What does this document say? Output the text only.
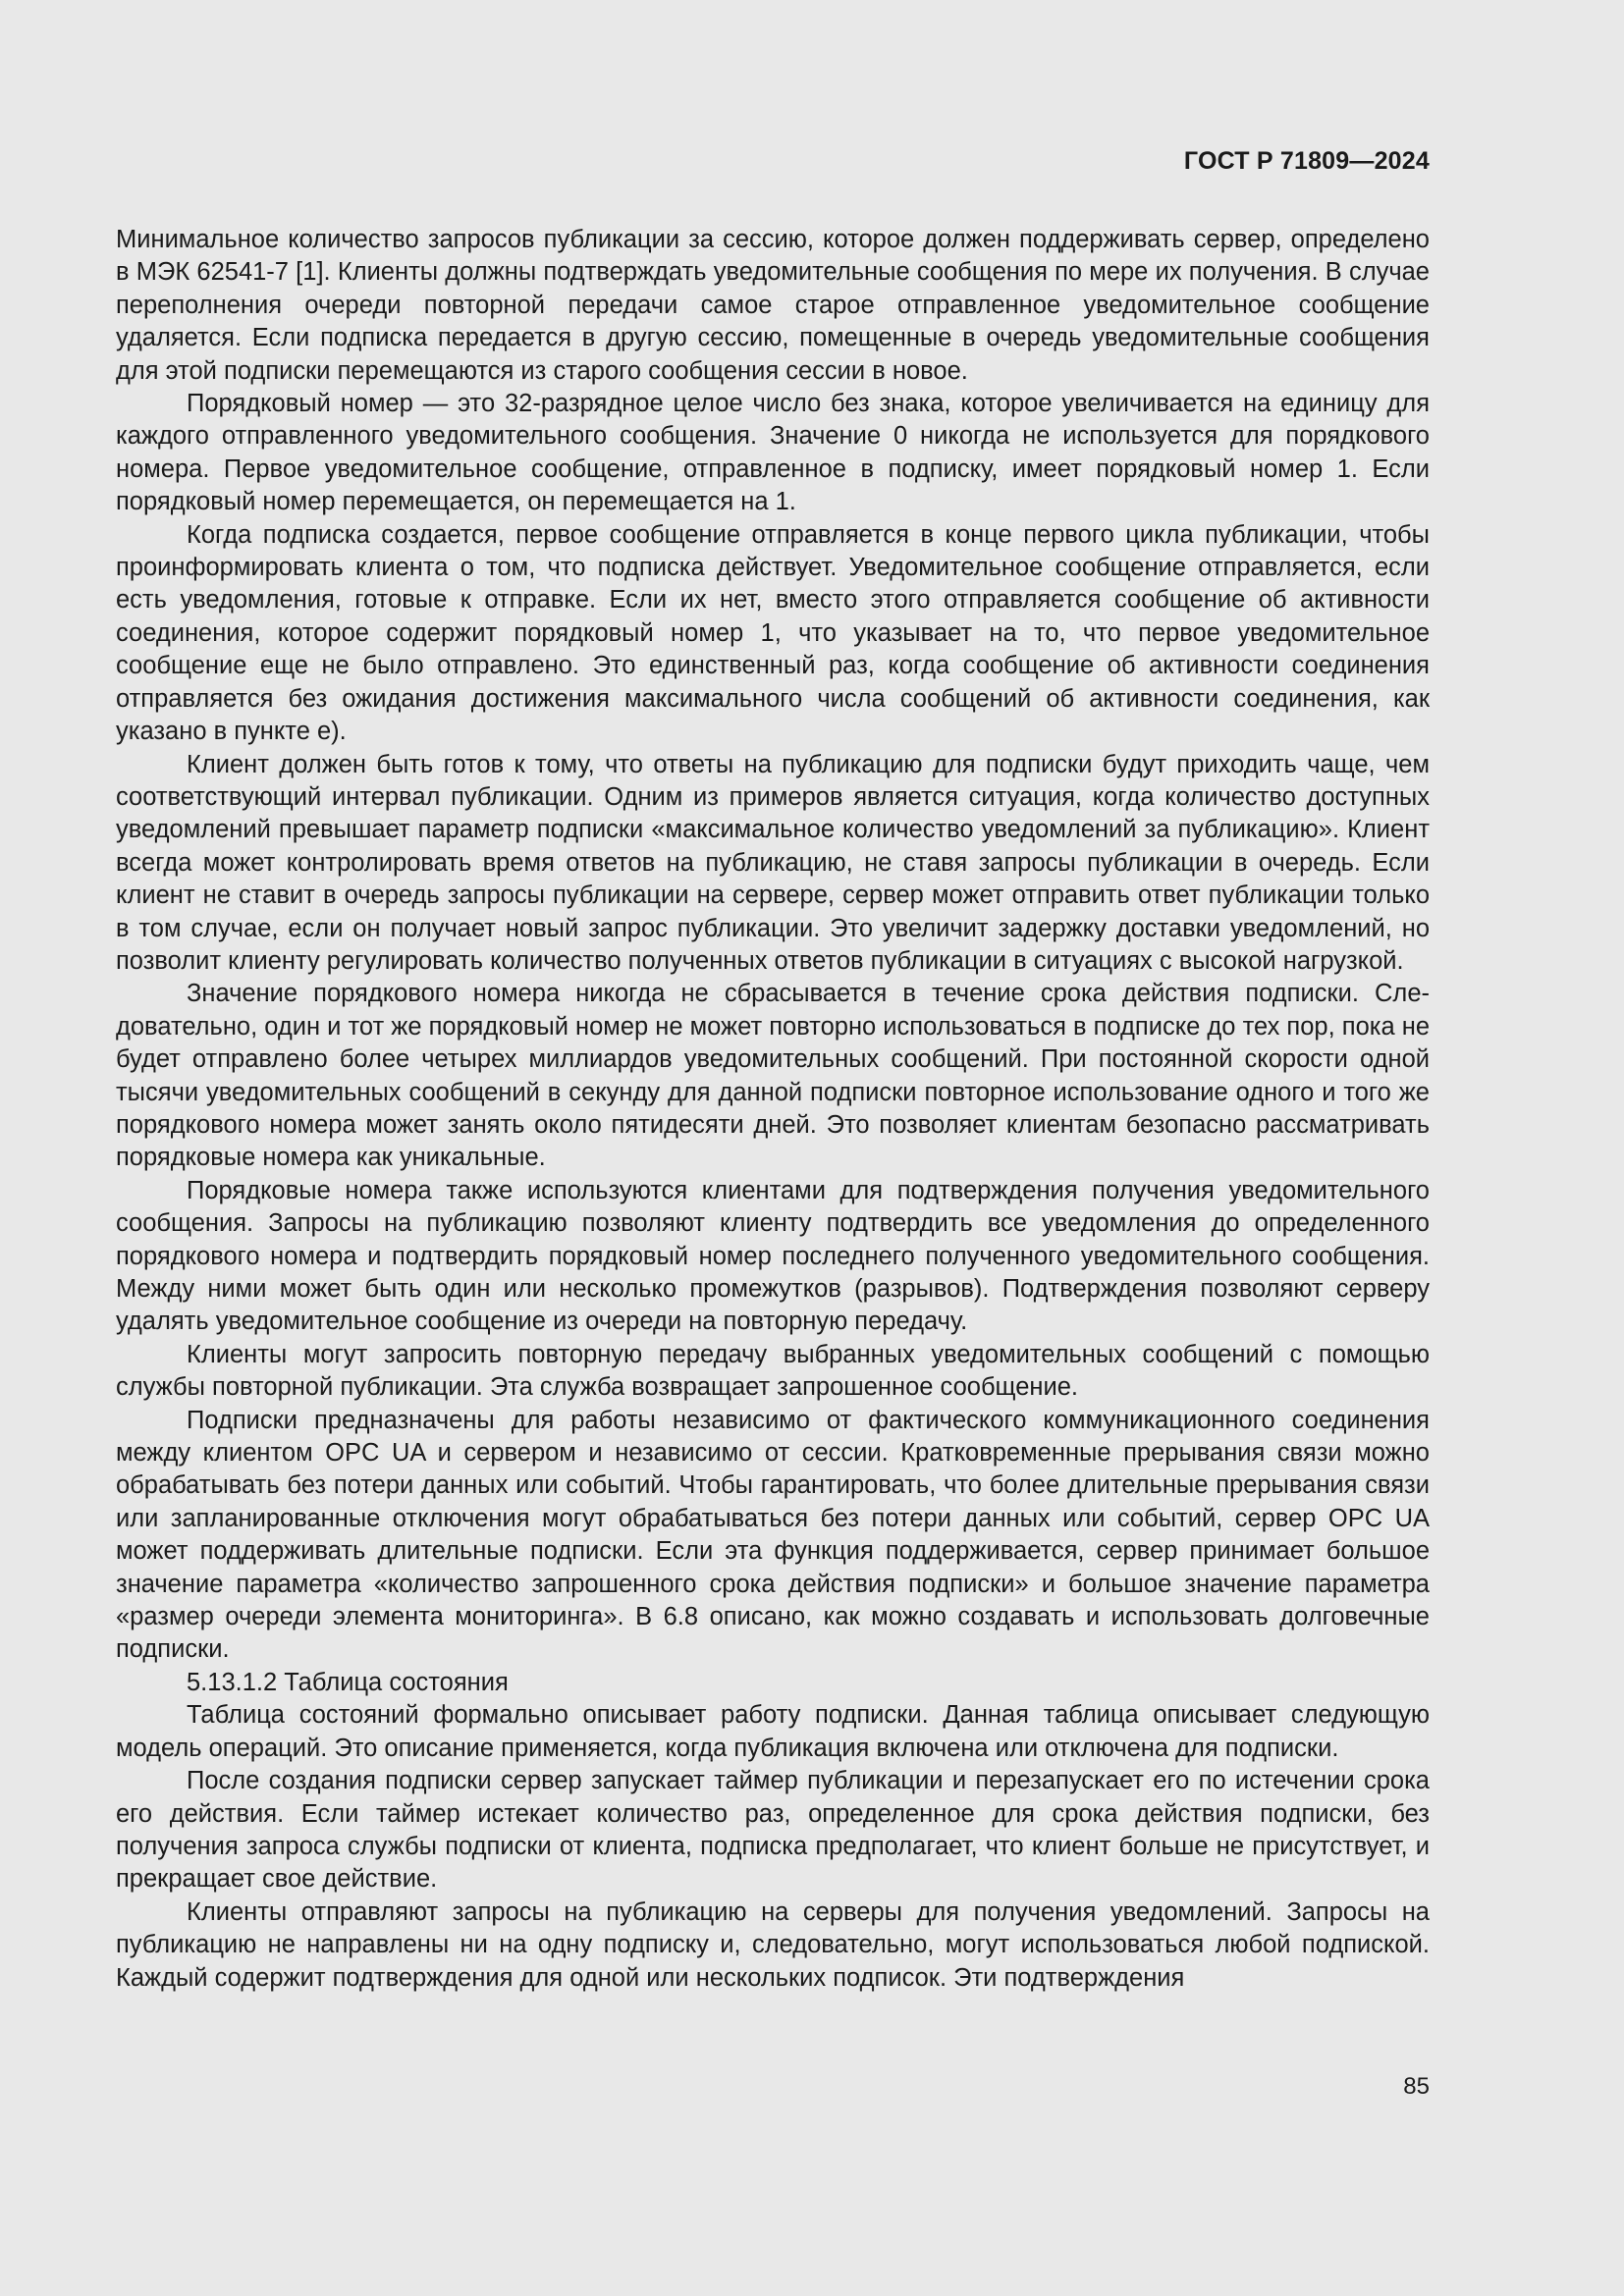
ГОСТ Р 71809—2024

Минимальное количество запросов публикации за сессию, которое должен поддерживать сервер, определено в МЭК 62541-7 [1]. Клиенты должны подтверждать уведомительные сообщения по мере их получения. В случае переполнения очереди повторной передачи самое старое отправленное уведомительное сообщение удаляется. Если подписка передается в другую сессию, помещенные в очередь уведомительные сообщения для этой подписки перемещаются из старого сообщения сессии в новое.

Порядковый номер — это 32-разрядное целое число без знака, которое увеличивается на единицу для каждого отправленного уведомительного сообщения. Значение 0 никогда не используется для порядкового номера. Первое уведомительное сообщение, отправленное в подписку, имеет порядковый номер 1. Если порядковый номер перемещается, он перемещается на 1.

Когда подписка создается, первое сообщение отправляется в конце первого цикла публикации, чтобы проинформировать клиента о том, что подписка действует. Уведомительное сообщение отправляется, если есть уведомления, готовые к отправке. Если их нет, вместо этого отправляется сообщение об активности соединения, которое содержит порядковый номер 1, что указывает на то, что первое уведомительное сообщение еще не было отправлено. Это единственный раз, когда сообщение об активности соединения отправляется без ожидания достижения максимального числа сообщений об активности соединения, как указано в пункте е).

Клиент должен быть готов к тому, что ответы на публикацию для подписки будут приходить чаще, чем соответствующий интервал публикации. Одним из примеров является ситуация, когда количество доступных уведомлений превышает параметр подписки «максимальное количество уведомлений за публикацию». Клиент всегда может контролировать время ответов на публикацию, не ставя запросы публикации в очередь. Если клиент не ставит в очередь запросы публикации на сервере, сервер может отправить ответ публикации только в том случае, если он получает новый запрос публикации. Это увеличит задержку доставки уведомлений, но позволит клиенту регулировать количество полученных ответов публикации в ситуациях с высокой нагрузкой.

Значение порядкового номера никогда не сбрасывается в течение срока действия подписки. Следовательно, один и тот же порядковый номер не может повторно использоваться в подписке до тех пор, пока не будет отправлено более четырех миллиардов уведомительных сообщений. При постоянной скорости одной тысячи уведомительных сообщений в секунду для данной подписки повторное использование одного и того же порядкового номера может занять около пятидесяти дней. Это позволяет клиентам безопасно рассматривать порядковые номера как уникальные.

Порядковые номера также используются клиентами для подтверждения получения уведомительного сообщения. Запросы на публикацию позволяют клиенту подтвердить все уведомления до определенного порядкового номера и подтвердить порядковый номер последнего полученного уведомительного сообщения. Между ними может быть один или несколько промежутков (разрывов). Подтверждения позволяют серверу удалять уведомительное сообщение из очереди на повторную передачу.

Клиенты могут запросить повторную передачу выбранных уведомительных сообщений с помощью службы повторной публикации. Эта служба возвращает запрошенное сообщение.

Подписки предназначены для работы независимо от фактического коммуникационного соединения между клиентом OPC UA и сервером и независимо от сессии. Кратковременные прерывания связи можно обрабатывать без потери данных или событий. Чтобы гарантировать, что более длительные прерывания связи или запланированные отключения могут обрабатываться без потери данных или событий, сервер OPC UA может поддерживать длительные подписки. Если эта функция поддерживается, сервер принимает большое значение параметра «количество запрошенного срока действия подписки» и большое значение параметра «размер очереди элемента мониторинга». В 6.8 описано, как можно создавать и использовать долговечные подписки.

5.13.1.2 Таблица состояния

Таблица состояний формально описывает работу подписки. Данная таблица описывает следующую модель операций. Это описание применяется, когда публикация включена или отключена для подписки.

После создания подписки сервер запускает таймер публикации и перезапускает его по истечении срока его действия. Если таймер истекает количество раз, определенное для срока действия подписки, без получения запроса службы подписки от клиента, подписка предполагает, что клиент больше не присутствует, и прекращает свое действие.

Клиенты отправляют запросы на публикацию на серверы для получения уведомлений. Запросы на публикацию не направлены ни на одну подписку и, следовательно, могут использоваться любой подпиской. Каждый содержит подтверждения для одной или нескольких подписок. Эти подтверждения

85
